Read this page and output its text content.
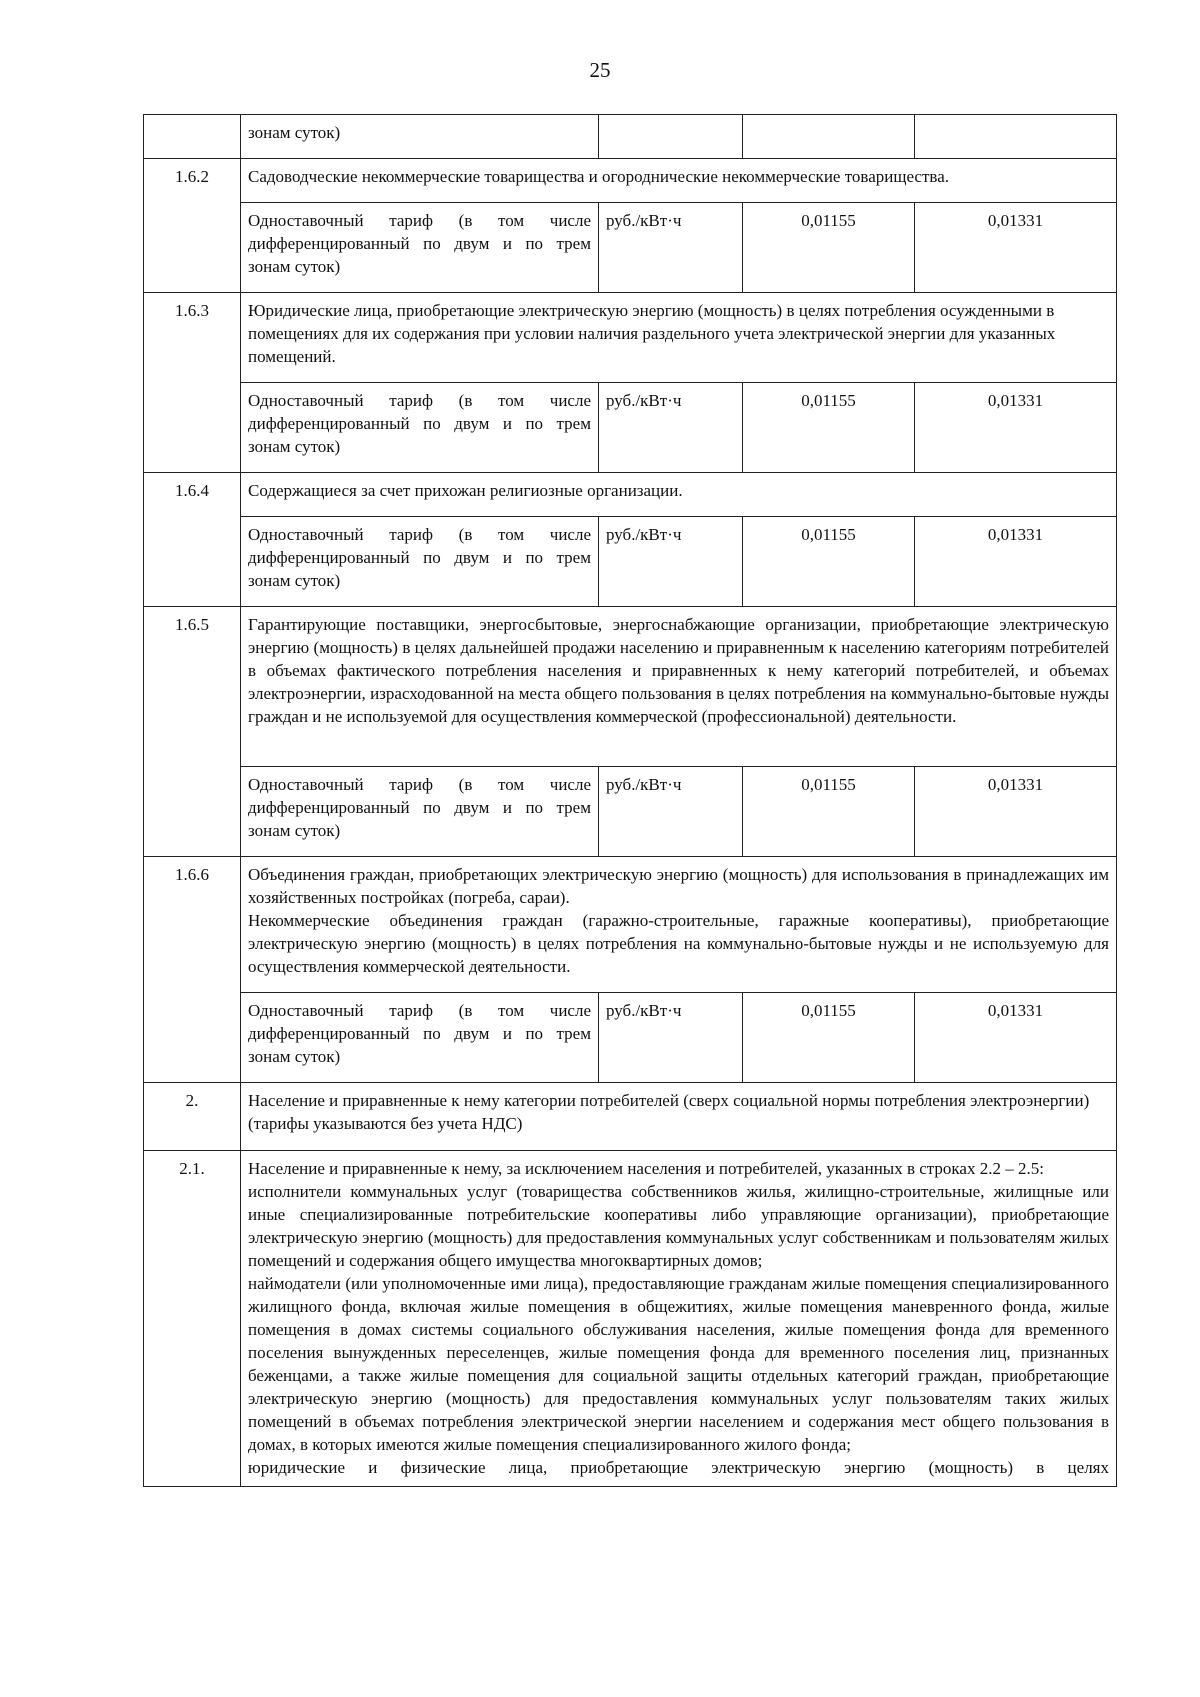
25
	зонам суток)			
1.6.2	Садоводческие некоммерческие товарищества и огороднические некоммерческие товарищества.			
	Одноставочный тариф (в том числе дифференцированный по двум и по трем зонам суток)	руб./кВт·ч	0,01155	0,01331
1.6.3	Юридические лица, приобретающие электрическую энергию (мощность) в целях потребления осужденными в помещениях для их содержания при условии наличия раздельного учета электрической энергии для указанных помещений.			
	Одноставочный тариф (в том числе дифференцированный по двум и по трем зонам суток)	руб./кВт·ч	0,01155	0,01331
1.6.4	Содержащиеся за счет прихожан религиозные организации.			
	Одноставочный тариф (в том числе дифференцированный по двум и по трем зонам суток)	руб./кВт·ч	0,01155	0,01331
1.6.5	Гарантирующие поставщики, энергосбытовые, энергоснабжающие организации, приобретающие электрическую энергию (мощность) в целях дальнейшей продажи населению и приравненным к населению категориям потребителей в объемах фактического потребления населения и приравненных к нему категорий потребителей, и объемах электроэнергии, израсходованной на места общего пользования в целях потребления на коммунально-бытовые нужды граждан и не используемой для осуществления коммерческой (профессиональной) деятельности.			
	Одноставочный тариф (в том числе дифференцированный по двум и по трем зонам суток)	руб./кВт·ч	0,01155	0,01331
1.6.6	Объединения граждан, приобретающих электрическую энергию (мощность) для использования в принадлежащих им хозяйственных постройках (погреба, сараи).
Некоммерческие объединения граждан (гаражно-строительные, гаражные кооперативы), приобретающие электрическую энергию (мощность) в целях потребления на коммунально-бытовые нужды и не используемую для осуществления коммерческой деятельности.			

	Одноставочный тариф (в том числе дифференцированный по двум и по трем зонам суток)	руб./кВт·ч	0,01155	0,01331
2.	Население и приравненные к нему категории потребителей (сверх социальной нормы потребления электроэнергии) (тарифы указываются без учета НДС)			
2.1.	Население и приравненные к нему, за исключением населения и потребителей, указанных в строках 2.2 – 2.5:
исполнители коммунальных услуг (товарищества собственников жилья, жилищно-строительные, жилищные или иные специализированные потребительские кооперативы либо управляющие организации), приобретающие электрическую энергию (мощность) для предоставления коммунальных услуг собственникам и пользователям жилых помещений и содержания общего имущества многоквартирных домов;
наймодатели (или уполномоченные ими лица), предоставляющие гражданам жилые помещения специализированного жилищного фонда, включая жилые помещения в общежитиях, жилые помещения маневренного фонда, жилые помещения в домах системы социального обслуживания населения, жилые помещения фонда для временного поселения вынужденных переселенцев, жилые помещения фонда для временного поселения лиц, признанных беженцами, а также жилые помещения для социальной защиты отдельных категорий граждан, приобретающие электрическую энергию (мощность) для предоставления коммунальных услуг пользователям таких жилых помещений в объемах потребления электрической энергии населением и содержания мест общего пользования в домах, в которых имеются жилые помещения специализированного жилого фонда;
юридические и физические лица, приобретающие электрическую энергию (мощность) в целях			
